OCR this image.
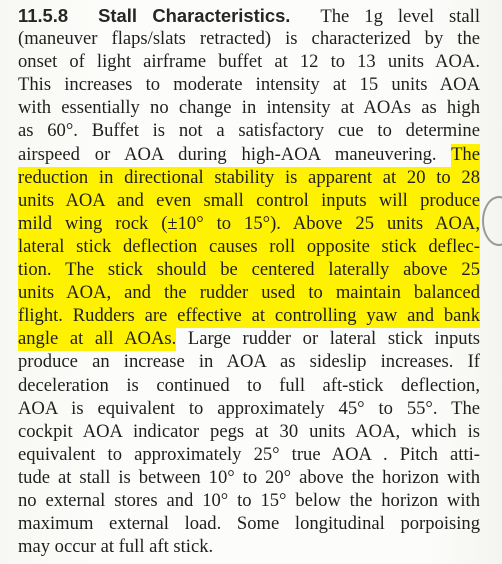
11.5.8 Stall Characteristics. The 1g level stall
(maneuver flaps/slats retracted) is characterized by the
onset of light airframe buffet at 12 to 13 units AOA.
This increases to moderate intensity at 15 units AOA
with essentially no change in intensity at AOAs as high
as 60°. Buffet is not a satisfactory cue to determine
airspeed or AOA during high-AOA maneuvering. The
reduction in directional stability is apparent at 20 to 28
units AOA and even small control inputs will produce
mild wing rock (±10° to 15°). Above 25 units AOA,
lateral stick deflection causes roll opposite stick deflec-
tion. The stick should be centered laterally above 25
units AOA, and the rudder used to maintain balanced
flight. Rudders are effective at controlling yaw and bank
angle at all AOAs. Large rudder or lateral stick inputs
produce an increase in AOA as sideslip increases. If
deceleration is continued to full aft-stick deflection,
AOA is equivalent to approximately 45° to 55°. The
cockpit AOA indicator pegs at 30 units AOA, which is
equivalent to approximately 25° true AOA . Pitch atti-
tude at stall is between 10° to 20° above the horizon with
no external stores and 10° to 15° below the horizon with
maximum external load. Some longitudinal porpoising
may occur at full aft stick.
